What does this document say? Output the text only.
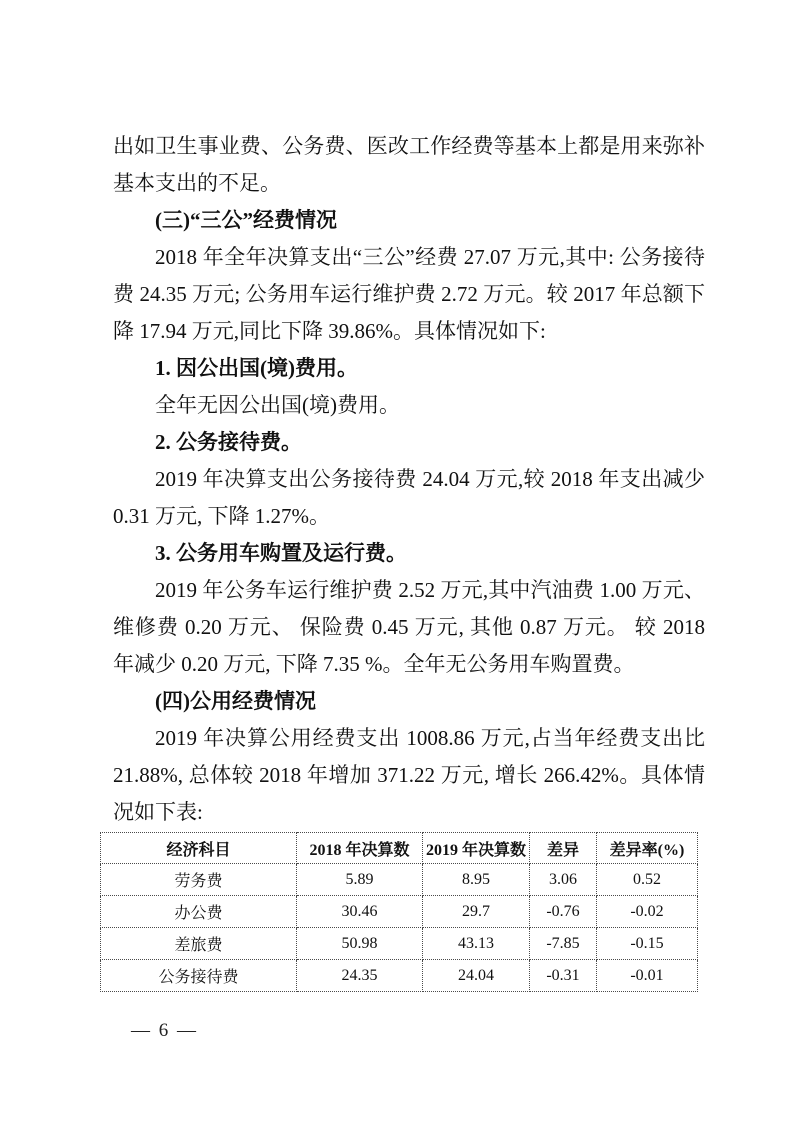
出如卫生事业费、公务费、医改工作经费等基本上都是用来弥补基本支出的不足。

(三)“三公”经费情况

2018 年全年决算支出“三公”经费 27.07 万元,其中: 公务接待费 24.35 万元; 公务用车运行维护费 2.72 万元。较 2017 年总额下降 17.94 万元,同比下降 39.86%。具体情况如下:

1. 因公出国(境)费用。

全年无因公出国(境)费用。

2. 公务接待费。

2019 年决算支出公务接待费 24.04 万元,较 2018 年支出减少 0.31 万元, 下降 1.27%。

3. 公务用车购置及运行费。

2019 年公务车运行维护费 2.52 万元,其中汽油费 1.00 万元、维修费 0.20 万元、 保险费 0.45 万元, 其他 0.87 万元。 较 2018 年减少 0.20 万元, 下降 7.35 %。全年无公务用车购置费。

(四)公用经费情况

2019 年决算公用经费支出 1008.86 万元,占当年经费支出比 21.88%, 总体较 2018 年增加 371.22 万元, 增长 266.42%。具体情况如下表:

经济科目	2018 年决算数	2019 年决算数	差异	差异率(%)
劳务费	5.89	8.95	3.06	0.52
办公费	30.46	29.7	-0.76	-0.02
差旅费	50.98	43.13	-7.85	-0.15
公务接待费	24.35	24.04	-0.31	-0.01
— 6 —
